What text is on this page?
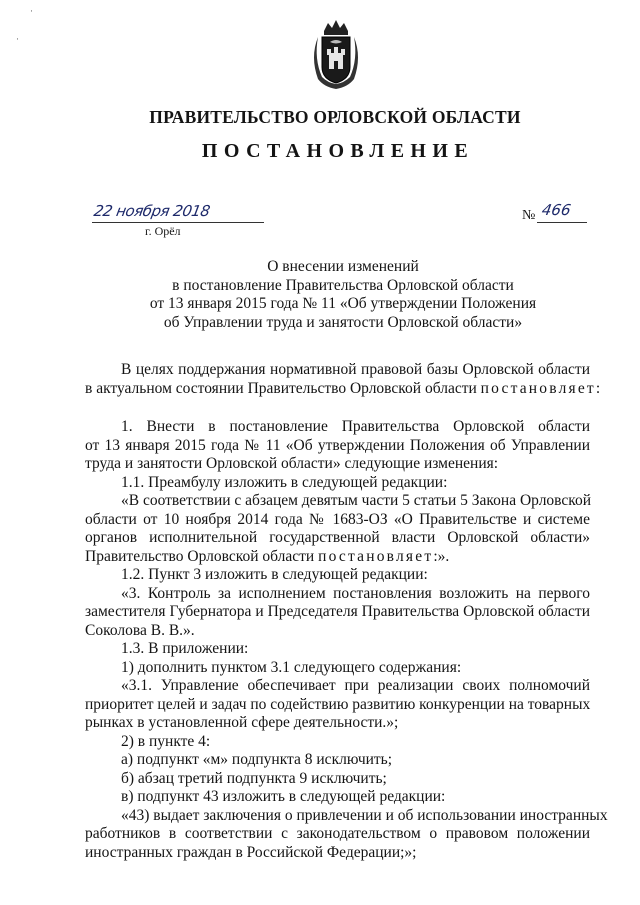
·
·
ПРАВИТЕЛЬСТВО ОРЛОВСКОЙ ОБЛАСТИ
ПОСТАНОВЛЕНИЕ
22 ноября 2018
г. Орёл
№ 466
О внесении изменений
в постановление Правительства Орловской области
от 13 января 2015 года № 11 «Об утверждении Положения
об Управлении труда и занятости Орловской области»
В целях поддержания нормативной правовой базы Орловской области
в актуальном состоянии Правительство Орловской области постановляет:
1. Внести в постановление Правительства Орловской области
от 13 января 2015 года № 11 «Об утверждении Положения об Управлении
труда и занятости Орловской области» следующие изменения:
1.1. Преамбулу изложить в следующей редакции:
«В соответствии с абзацем девятым части 5 статьи 5 Закона Орловской
области от 10 ноября 2014 года № 1683-ОЗ «О Правительстве и системе
органов исполнительной государственной власти Орловской области»
Правительство Орловской области постановляет:».
1.2. Пункт 3 изложить в следующей редакции:
«3. Контроль за исполнением постановления возложить на первого
заместителя Губернатора и Председателя Правительства Орловской области
Соколова В. В.».
1.3. В приложении:
1) дополнить пунктом 3.1 следующего содержания:
«3.1. Управление обеспечивает при реализации своих полномочий
приоритет целей и задач по содействию развитию конкуренции на товарных
рынках в установленной сфере деятельности.»;
2) в пункте 4:
а) подпункт «м» подпункта 8 исключить;
б) абзац третий подпункта 9 исключить;
в) подпункт 43 изложить в следующей редакции:
«43) выдает заключения о привлечении и об использовании иностранных
работников в соответствии с законодательством о правовом положении
иностранных граждан в Российской Федерации;»;
